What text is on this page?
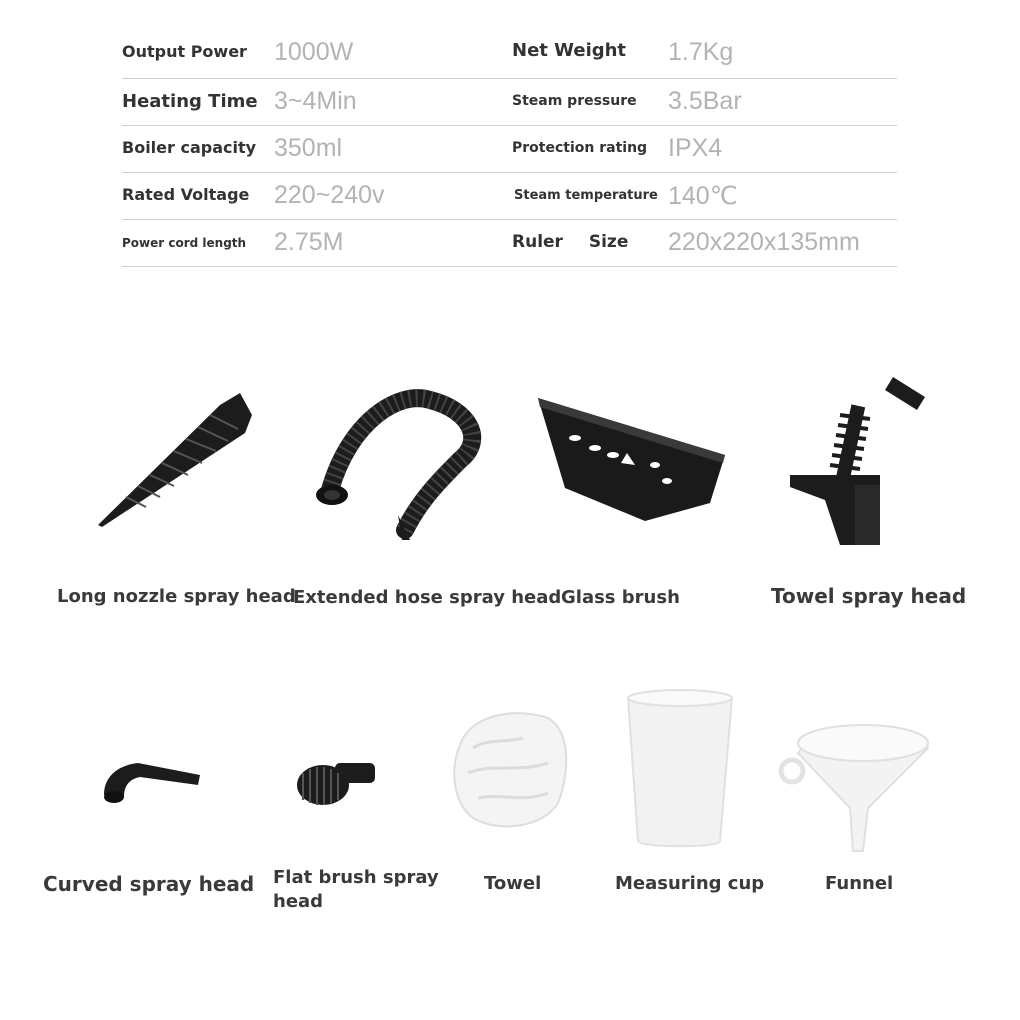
Output Power 1000W	Net Weight 1.7Kg
Heating Time 3~4Min	Steam pressure 3.5Bar
Boiler capacity 350ml	Protection rating IPX4
Rated Voltage 220~240v	Steam temperature 140℃
Power cord length 2.75M	Ruler Size 220x220x135mm
Long nozzle spray head
Extended hose spray head Glass brush	Towel spray head
Curved spray head Flat brush spray head
Towel	Measuring cup	Funnel
